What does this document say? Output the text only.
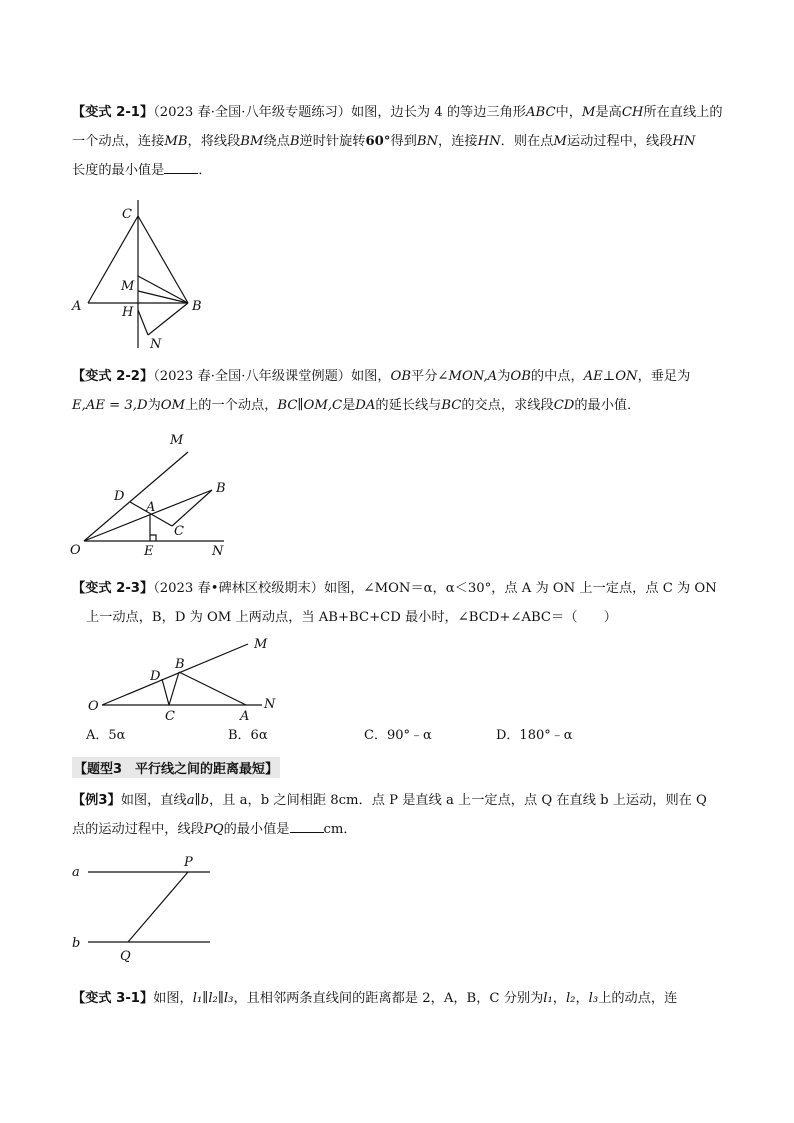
【变式 2-1】（2023 春·全国·八年级专题练习）如图，边长为 4 的等边三角形ABC中，M是高CH所在直线上的一个动点，连接MB，将线段BM绕点B逆时针旋转60°得到BN，连接HN．则在点M运动过程中，线段HN
长度的最小值是	．

C
M
A	H	B
N

【变式 2-2】（2023 春·全国·八年级课堂例题）如图，OB平分∠MON,A为OB的中点，AE⊥ON，垂足为
E,AE = 3,D为OM上的一个动点，BC∥OM,C是DA的延长线与BC的交点，求线段CD的最小值．

M
B
D
A
C
O	E	N

【变式 2-3】（2023 春•碑林区校级期末）如图，∠MON＝α，α＜30°，点 A 为 ON 上一定点，点 C 为 ON
上一动点，B，D 为 OM 上两动点，当 AB+BC+CD 最小时，∠BCD+∠ABC＝（　　）

M
B
D
O
C	A
N
A．5α	B．6α	C．90°﹣α	D．180°﹣α
【题型3　平行线之间的距离最短】

【例3】如图，直线a∥b，且 a，b 之间相距 8cm．点 P 是直线 a 上一定点，点 Q 在直线 b 上运动，则在 Q
点的运动过程中，线段PQ的最小值是	cm．

a
P
b
Q

【变式 3-1】如图，l₁∥l₂∥l₃，且相邻两条直线间的距离都是 2，A，B，C 分别为l₁，l₂，l₃上的动点，连
